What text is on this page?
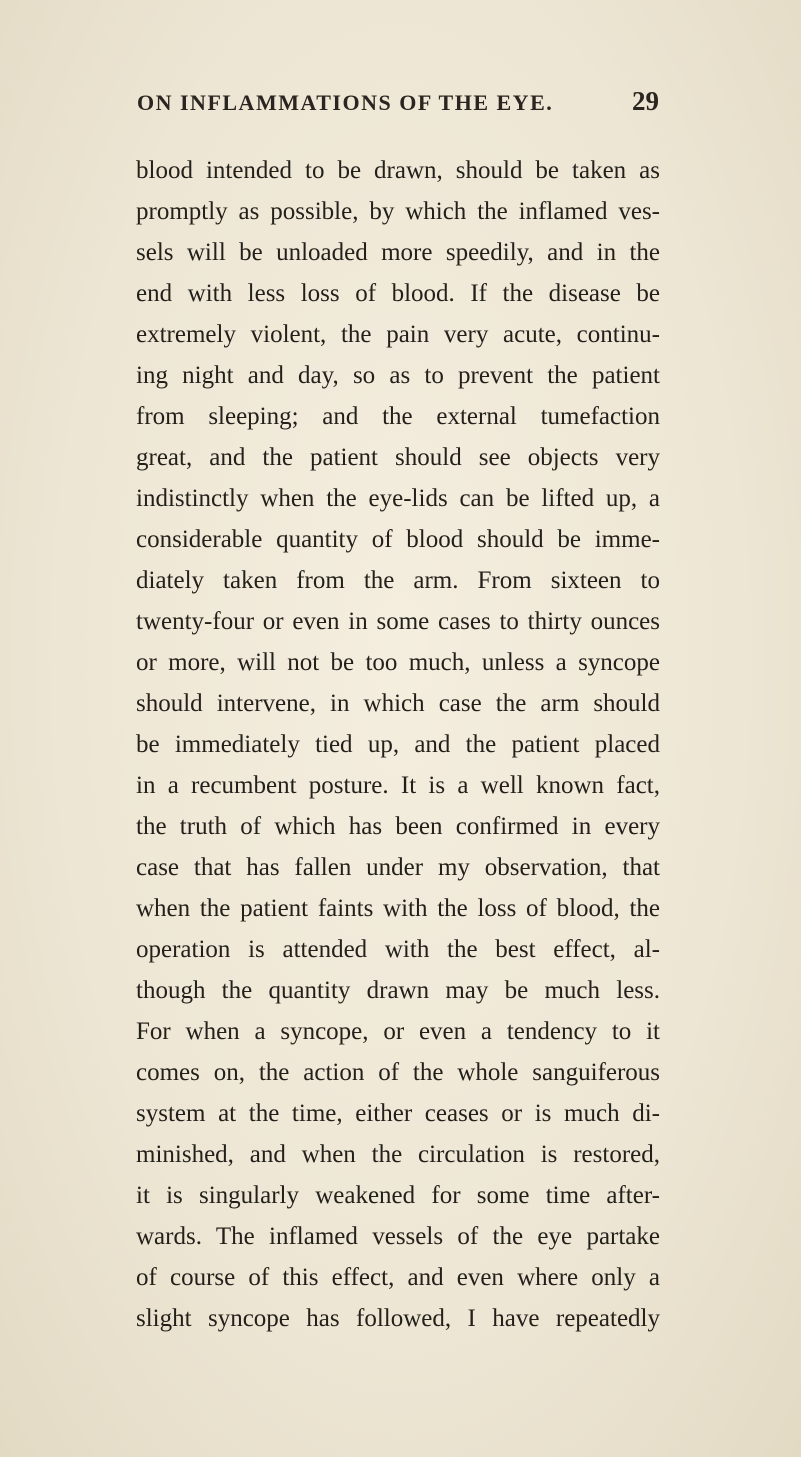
ON INFLAMMATIONS OF THE EYE.	29
blood intended to be drawn, should be taken as
promptly as possible, by which the inflamed ves-
sels will be unloaded more speedily, and in the
end with less loss of blood. If the disease be
extremely violent, the pain very acute, continu-
ing night and day, so as to prevent the patient
from sleeping; and the external tumefaction
great, and the patient should see objects very
indistinctly when the eye-lids can be lifted up, a
considerable quantity of blood should be imme-
diately taken from the arm. From sixteen to
twenty-four or even in some cases to thirty ounces
or more, will not be too much, unless a syncope
should intervene, in which case the arm should
be immediately tied up, and the patient placed
in a recumbent posture. It is a well known fact,
the truth of which has been confirmed in every
case that has fallen under my observation, that
when the patient faints with the loss of blood, the
operation is attended with the best effect, al-
though the quantity drawn may be much less.
For when a syncope, or even a tendency to it
comes on, the action of the whole sanguiferous
system at the time, either ceases or is much di-
minished, and when the circulation is restored,
it is singularly weakened for some time after-
wards. The inflamed vessels of the eye partake
of course of this effect, and even where only a
slight syncope has followed, I have repeatedly
